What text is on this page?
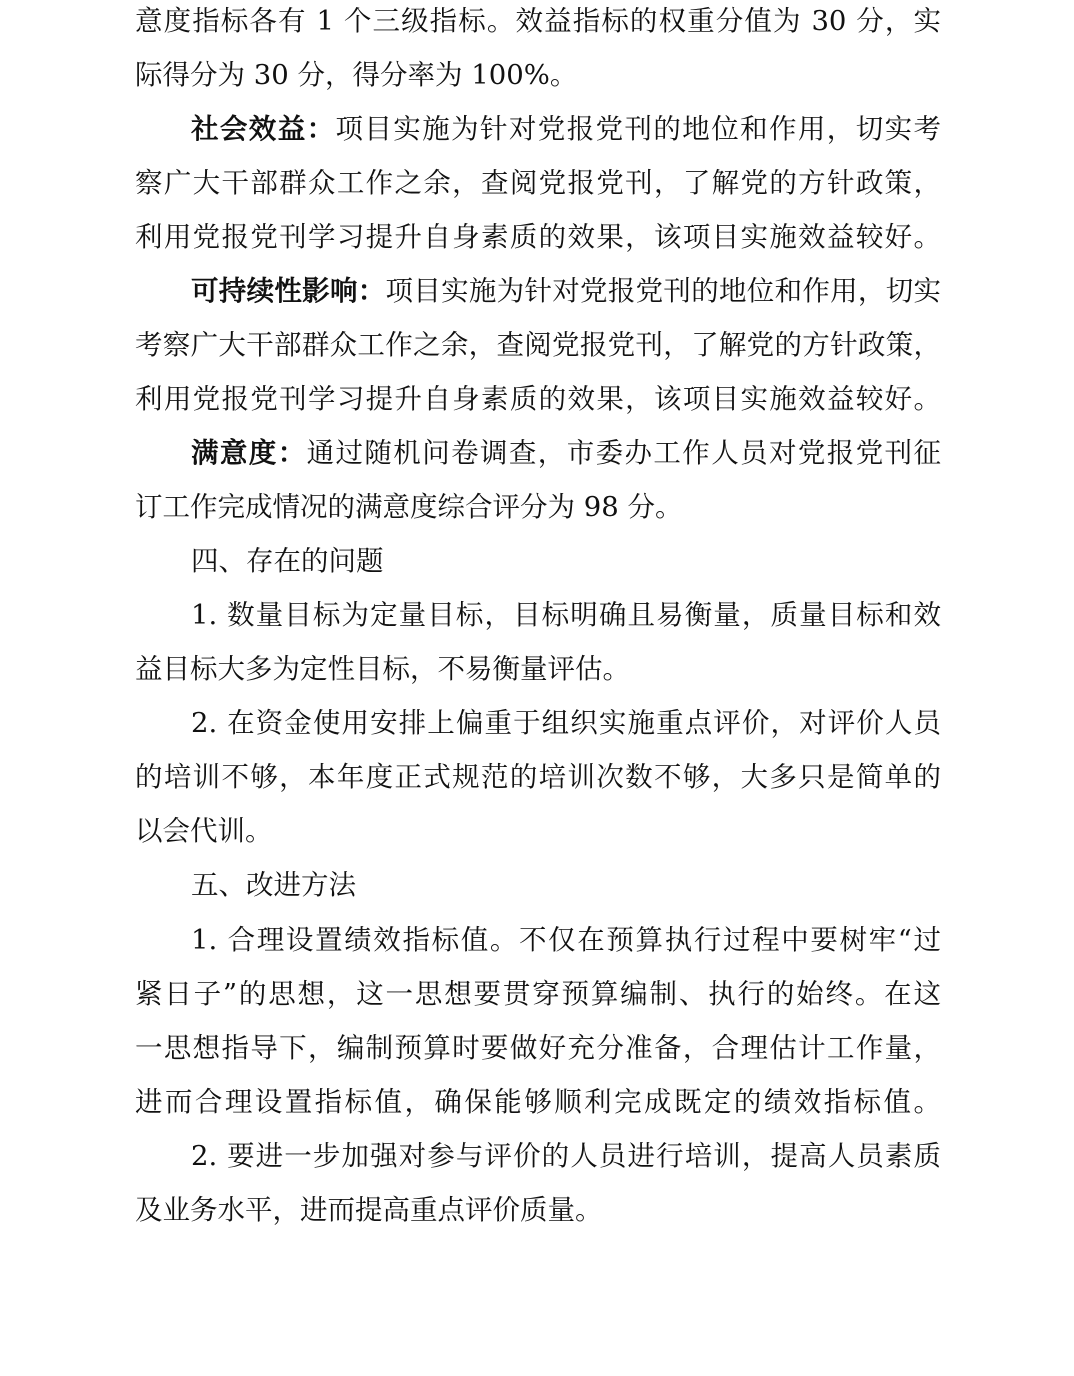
意度指标各有 1 个三级指标。效益指标的权重分值为 30 分，实
际得分为 30 分，得分率为 100%。
社会效益：项目实施为针对党报党刊的地位和作用，切实考
察广大干部群众工作之余，查阅党报党刊，了解党的方针政策，
利用党报党刊学习提升自身素质的效果，该项目实施效益较好。
可持续性影响：项目实施为针对党报党刊的地位和作用，切实
考察广大干部群众工作之余，查阅党报党刊，了解党的方针政策，
利用党报党刊学习提升自身素质的效果，该项目实施效益较好。
满意度：通过随机问卷调查，市委办工作人员对党报党刊征
订工作完成情况的满意度综合评分为 98 分。
四、存在的问题
1. 数量目标为定量目标，目标明确且易衡量，质量目标和效
益目标大多为定性目标，不易衡量评估。
2. 在资金使用安排上偏重于组织实施重点评价，对评价人员
的培训不够，本年度正式规范的培训次数不够，大多只是简单的
以会代训。
五、改进方法
1. 合理设置绩效指标值。不仅在预算执行过程中要树牢“过
紧日子”的思想，这一思想要贯穿预算编制、执行的始终。在这
一思想指导下，编制预算时要做好充分准备，合理估计工作量，
进而合理设置指标值，确保能够顺利完成既定的绩效指标值。
2. 要进一步加强对参与评价的人员进行培训，提高人员素质
及业务水平，进而提高重点评价质量。
